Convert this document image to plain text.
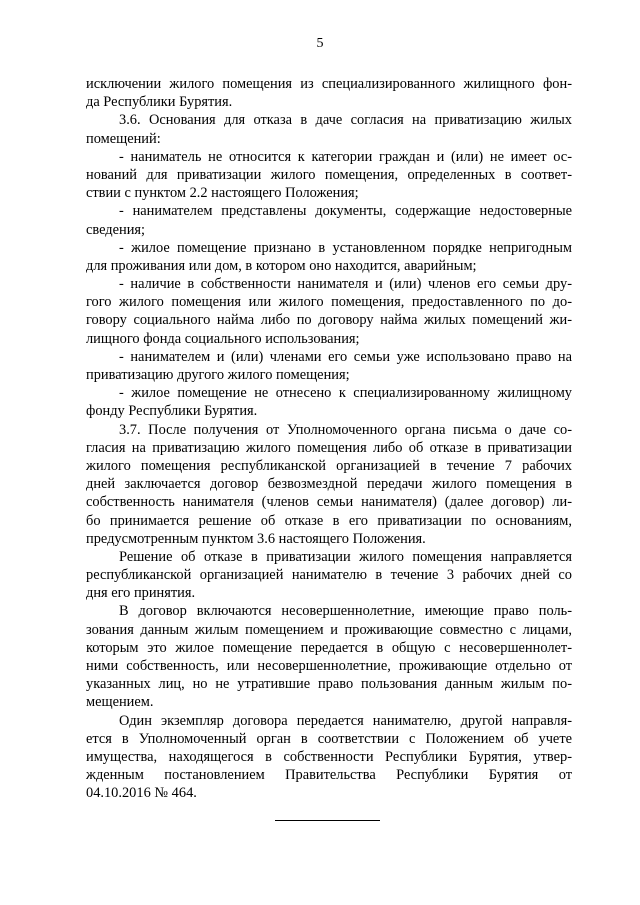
5
исключении жилого помещения из специализированного жилищного фон-
да Республики Бурятия.
3.6. Основания для отказа в даче согласия на приватизацию жилых
помещений:
- наниматель не относится к категории граждан и (или) не имеет ос-
нований для приватизации жилого помещения, определенных в соответ-
ствии с пунктом 2.2 настоящего Положения;
- нанимателем представлены документы, содержащие недостоверные
сведения;
- жилое помещение признано в установленном порядке непригодным
для проживания или дом, в котором оно находится, аварийным;
- наличие в собственности нанимателя и (или) членов его семьи дру-
гого жилого помещения или жилого помещения, предоставленного по до-
говору социального найма либо по договору найма жилых помещений жи-
лищного фонда социального использования;
- нанимателем и (или) членами его семьи уже использовано право на
приватизацию другого жилого помещения;
- жилое помещение не отнесено к специализированному жилищному
фонду Республики Бурятия.
3.7. После получения от Уполномоченного органа письма о даче со-
гласия на приватизацию жилого помещения либо об отказе в приватизации
жилого помещения республиканской организацией в течение 7 рабочих
дней заключается договор безвозмездной передачи жилого помещения в
собственность нанимателя (членов семьи нанимателя) (далее договор) ли-
бо принимается решение об отказе в его приватизации по основаниям,
предусмотренным пунктом 3.6 настоящего Положения.
Решение об отказе в приватизации жилого помещения направляется
республиканской организацией нанимателю в течение 3 рабочих дней со
дня его принятия.
В договор включаются несовершеннолетние, имеющие право поль-
зования данным жилым помещением и проживающие совместно с лицами,
которым это жилое помещение передается в общую с несовершеннолет-
ними собственность, или несовершеннолетние, проживающие отдельно от
указанных лиц, но не утратившие право пользования данным жилым по-
мещением.
Один экземпляр договора передается нанимателю, другой направля-
ется в Уполномоченный орган в соответствии с Положением об учете
имущества, находящегося в собственности Республики Бурятия, утвер-
жденным постановлением Правительства Республики Бурятия от
04.10.2016 № 464.
